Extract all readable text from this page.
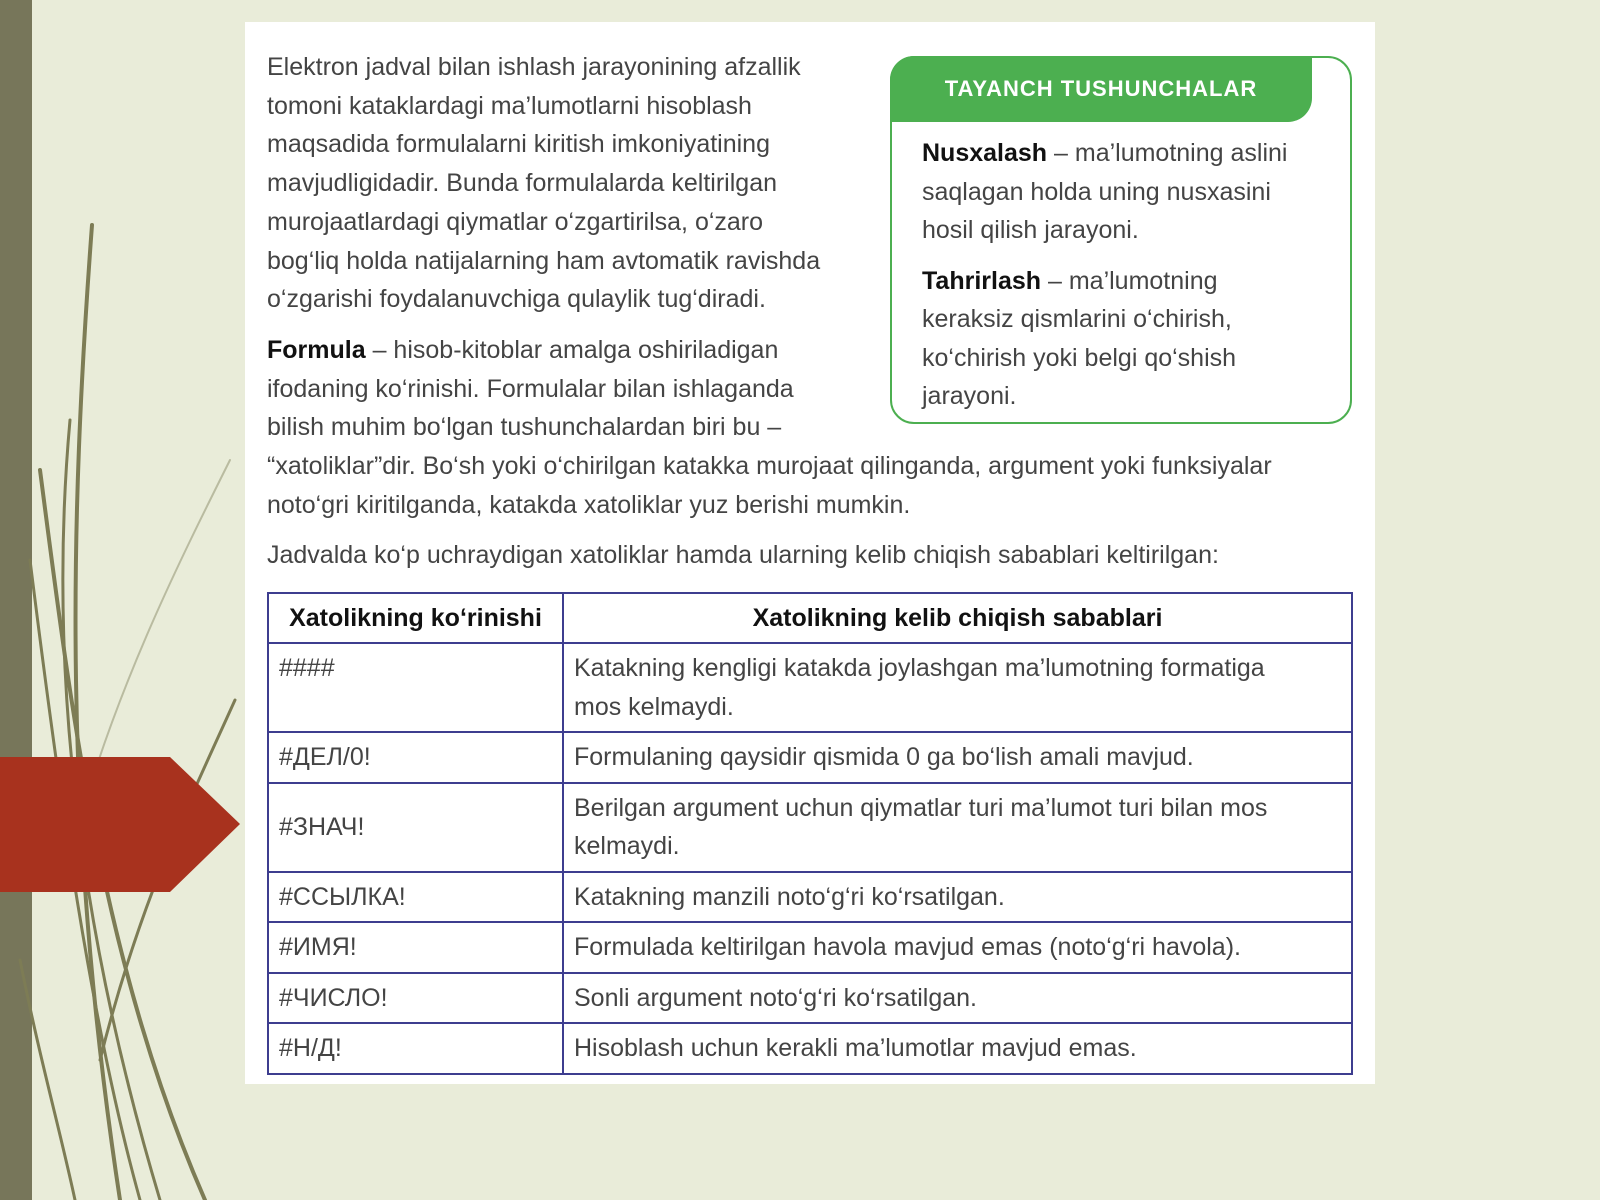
TAYANCH TUSHUNCHALAR

Nusxalash – ma’lumotning aslini
saqlagan holda uning nusxasini
hosil qilish jarayoni.

Tahrirlash – ma’lumotning
keraksiz qismlarini o‘chirish,
ko‘chirish yoki belgi qo‘shish
jarayoni.

Elektron jadval bilan ishlash jarayonining afzallik
tomoni kataklardagi ma’lumotlarni hisoblash
maqsadida formulalarni kiritish imkoniyatining
mavjudligidadir. Bunda formulalarda keltirilgan
murojaatlardagi qiymatlar o‘zgartirilsa, o‘zaro
bog‘liq holda natijalarning ham avtomatik ravishda
o‘zgarishi foydalanuvchiga qulaylik tug‘diradi.

Formula – hisob-kitoblar amalga oshiriladigan
ifodaning ko‘rinishi. Formulalar bilan ishlaganda
bilish muhim bo‘lgan tushunchalardan biri bu –
“xatoliklar”dir. Bo‘sh yoki o‘chirilgan katakka murojaat qilinganda, argument yoki funksiyalar
noto‘gri kiritilganda, katakda xatoliklar yuz berishi mumkin.

Jadvalda ko‘p uchraydigan xatoliklar hamda ularning kelib chiqish sabablari keltirilgan:

Xatolikning ko‘rinishi	Xatolikning kelib chiqish sabablari
####	Katakning kengligi katakda joylashgan ma’lumotning formatiga
mos kelmaydi.
#ДЕЛ/0!	Formulaning qaysidir qismida 0 ga bo‘lish amali mavjud.
#ЗНАЧ!	Berilgan argument uchun qiymatlar turi ma’lumot turi bilan mos
kelmaydi.
#ССЫЛКА!	Katakning manzili noto‘g‘ri ko‘rsatilgan.
#ИМЯ!	Formulada keltirilgan havola mavjud emas (noto‘g‘ri havola).
#ЧИСЛО!	Sonli argument noto‘g‘ri ko‘rsatilgan.
#Н/Д!	Hisoblash uchun kerakli ma’lumotlar mavjud emas.
